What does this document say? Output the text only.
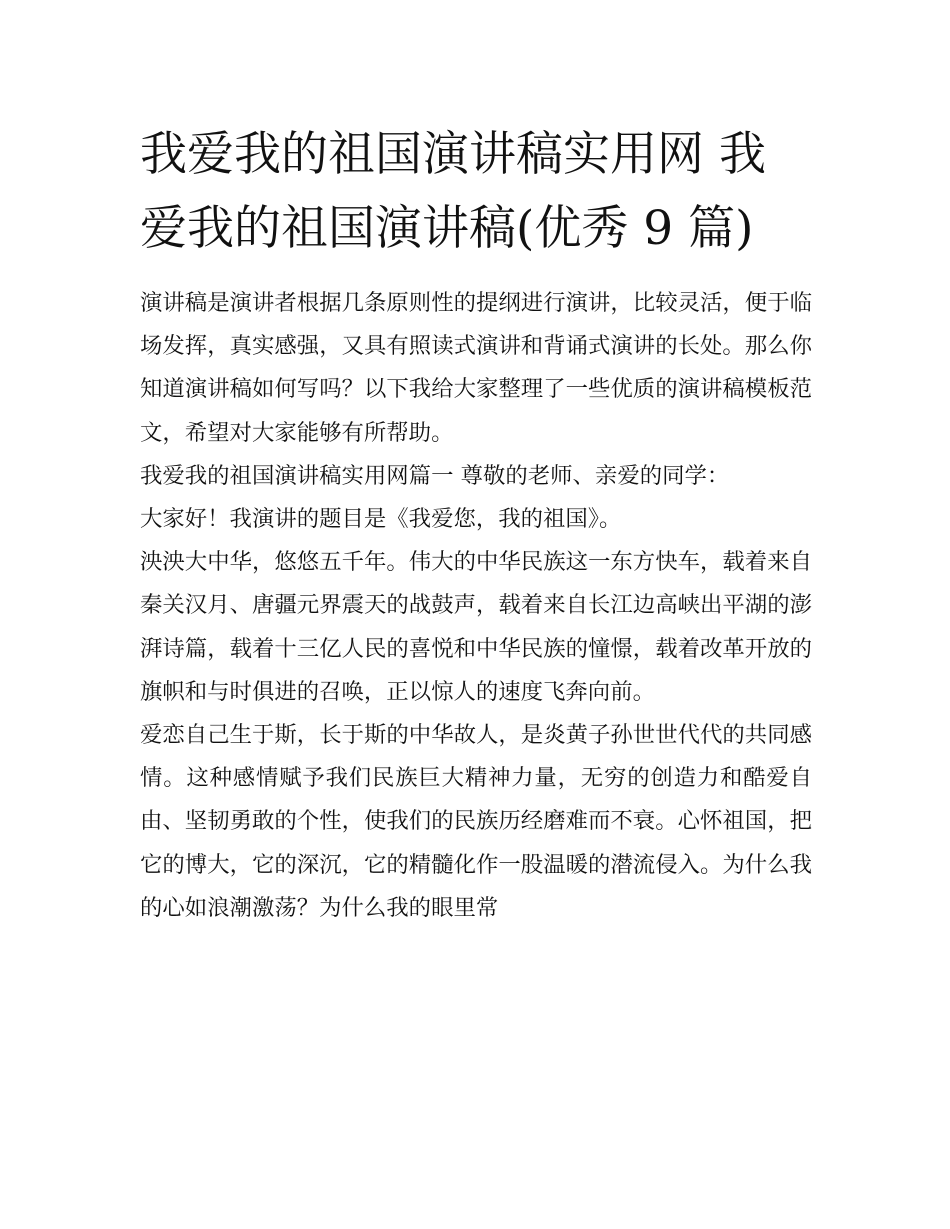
我爱我的祖国演讲稿实用网 我爱我的祖国演讲稿(优秀 9 篇)

演讲稿是演讲者根据几条原则性的提纲进行演讲，比较灵活，便于临场发挥，真实感强，又具有照读式演讲和背诵式演讲的长处。那么你知道演讲稿如何写吗？以下我给大家整理了一些优质的演讲稿模板范文，希望对大家能够有所帮助。

我爱我的祖国演讲稿实用网篇一 尊敬的老师、亲爱的同学：

大家好！我演讲的题目是《我爱您，我的祖国》。

泱泱大中华，悠悠五千年。伟大的中华民族这一东方快车，载着来自秦关汉月、唐疆元界震天的战鼓声，载着来自长江边高峡出平湖的澎湃诗篇，载着十三亿人民的喜悦和中华民族的憧憬，载着改革开放的旗帜和与时俱进的召唤，正以惊人的速度飞奔向前。

爱恋自己生于斯，长于斯的中华故人，是炎黄子孙世世代代的共同感情。这种感情赋予我们民族巨大精神力量，无穷的创造力和酷爱自由、坚韧勇敢的个性，使我们的民族历经磨难而不衰。心怀祖国，把它的博大，它的深沉，它的精髓化作一股温暖的潜流侵入。为什么我的心如浪潮激荡？为什么我的眼里常
